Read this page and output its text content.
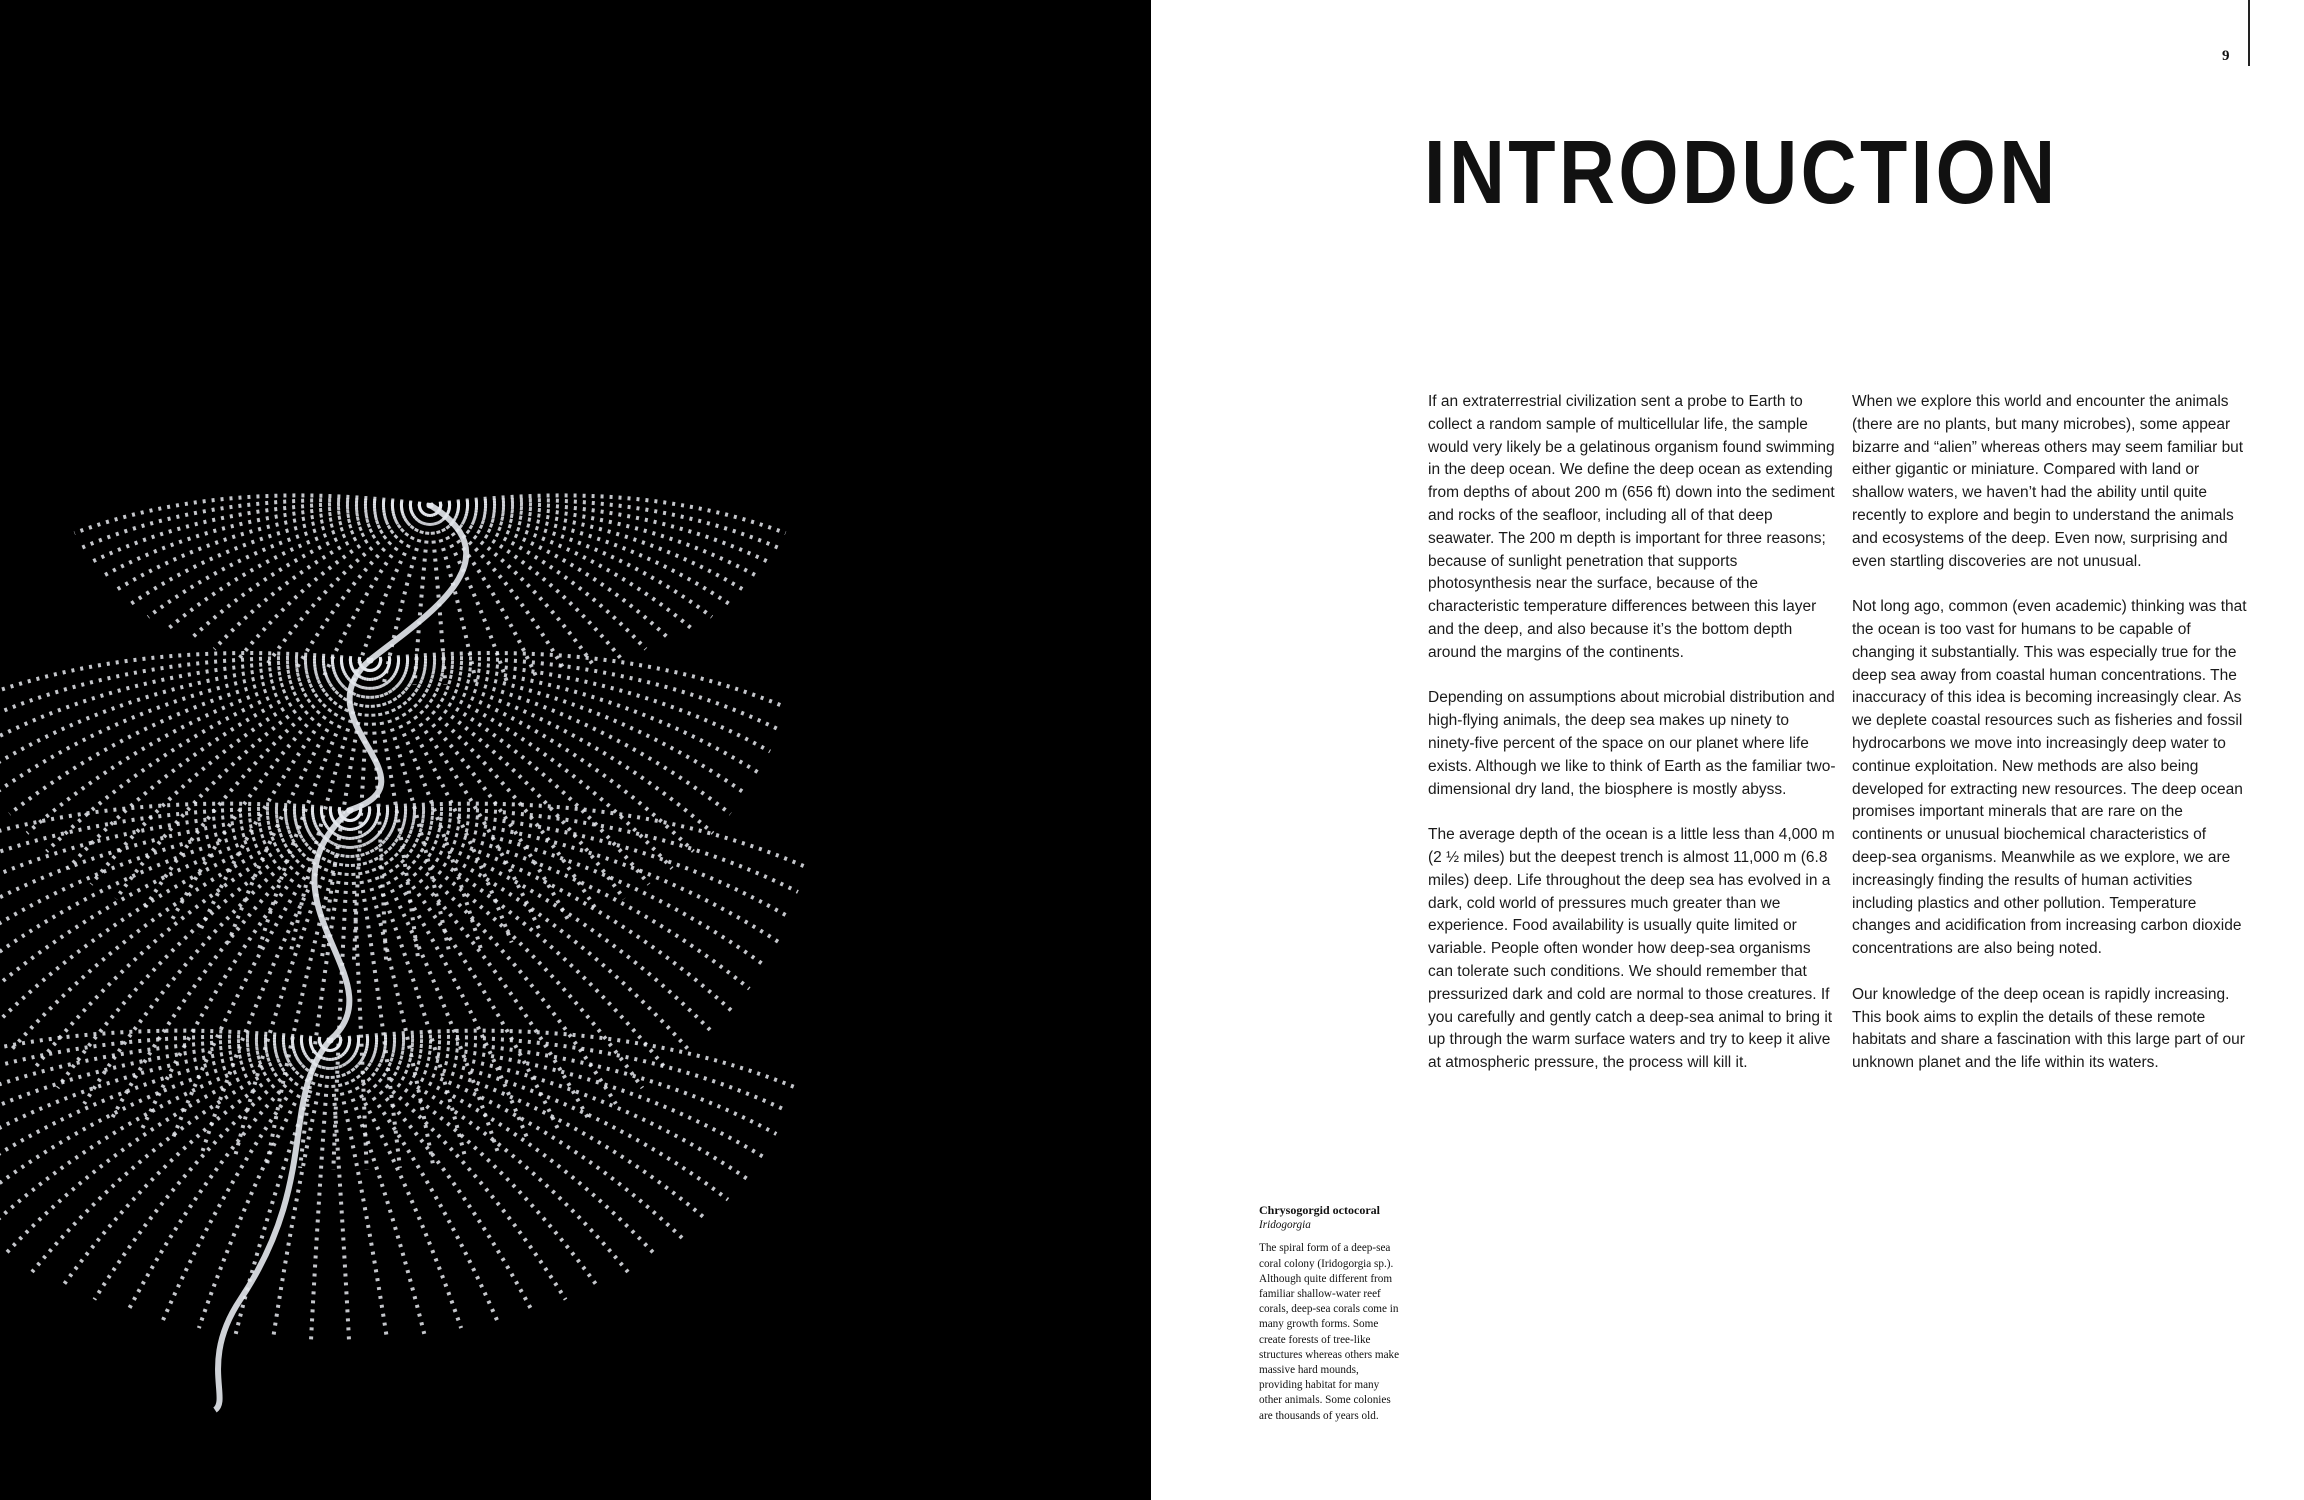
9
INTRODUCTION

If an extraterrestrial civilization sent a probe to Earth to collect a random sample of multicellular life, the sample would very likely be a gelatinous organism found swimming in the deep ocean. We define the deep ocean as extending from depths of about 200 m (656 ft) down into the sediment and rocks of the seafloor, including all of that deep seawater. The 200 m depth is important for three reasons; because of sunlight penetration that supports photosynthesis near the surface, because of the characteristic temperature differences between this layer and the deep, and also because it’s the bottom depth around the margins of the continents.

Depending on assumptions about microbial distribution and high-flying animals, the deep sea makes up ninety to ninety-five percent of the space on our planet where life exists. Although we like to think of Earth as the familiar two-dimensional dry land, the biosphere is mostly abyss.

The average depth of the ocean is a little less than 4,000 m (2 ½ miles) but the deepest trench is almost 11,000 m (6.8 miles) deep. Life throughout the deep sea has evolved in a dark, cold world of pressures much greater than we experience. Food availability is usually quite limited or variable. People often wonder how deep-sea organisms can tolerate such conditions. We should remember that pressurized dark and cold are normal to those creatures. If you carefully and gently catch a deep-sea animal to bring it up through the warm surface waters and try to keep it alive at atmospheric pressure, the process will kill it.

When we explore this world and encounter the animals (there are no plants, but many microbes), some appear bizarre and “alien” whereas others may seem familiar but either gigantic or miniature. Compared with land or shallow waters, we haven’t had the ability until quite recently to explore and begin to understand the animals and ecosystems of the deep. Even now, surprising and even startling discoveries are not unusual.

Not long ago, common (even academic) thinking was that the ocean is too vast for humans to be capable of changing it substantially. This was especially true for the deep sea away from coastal human concentrations. The inaccuracy of this idea is becoming increasingly clear. As we deplete coastal resources such as fisheries and fossil hydrocarbons we move into increasingly deep water to continue exploitation. New methods are also being developed for extracting new resources. The deep ocean promises important minerals that are rare on the continents or unusual biochemical characteristics of deep-sea organisms. Meanwhile as we explore, we are increasingly finding the results of human activities including plastics and other pollution. Temperature changes and acidification from increasing carbon dioxide concentrations are also being noted.

Our knowledge of the deep ocean is rapidly increasing. This book aims to explin the details of these remote habitats and share a fascination with this large part of our unknown planet and the life within its waters.

Chrysogorgid octocoral
Iridogorgia

The spiral form of a deep-sea coral colony (Iridogorgia sp.). Although quite different from familiar shallow-water reef corals, deep-sea corals come in many growth forms. Some create forests of tree-like structures whereas others make massive hard mounds, providing habitat for many other animals. Some colonies are thousands of years old.
